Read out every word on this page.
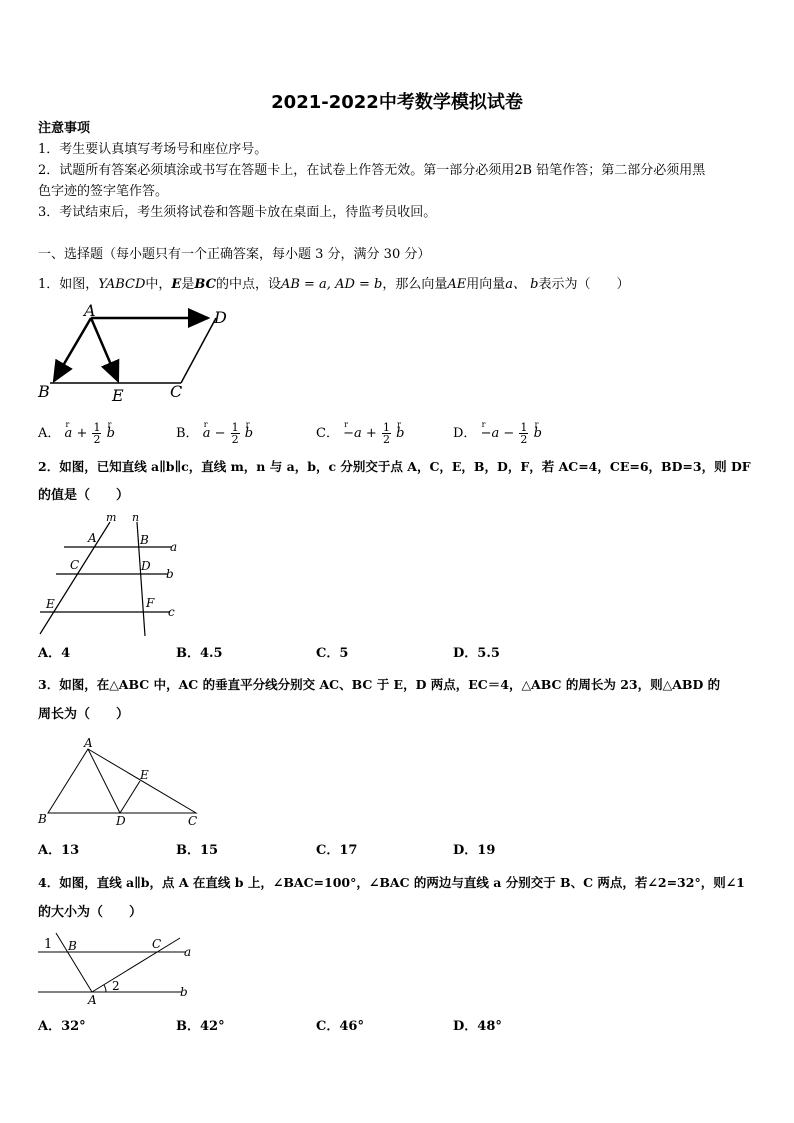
2021-2022中考数学模拟试卷
注意事项
1．考生要认真填写考场号和座位序号。
2．试题所有答案必须填涂或书写在答题卡上，在试卷上作答无效。第一部分必须用2B 铅笔作答；第二部分必须用黑
色字迹的签字笔作答。
3．考试结束后，考生须将试卷和答题卡放在桌面上，待监考员收回。
一、选择题（每小题只有一个正确答案，每小题 3 分，满分 30 分）
1．如图，YABCD中，E是BC的中点，设AB = a, AD = b，那么向量AE用向量a、 b表示为（　　）
A	D
B	E	C
A． r $a + \frac{1}{2}$ r b	B． r $a - \frac{1}{2}$ r b	C． $r -a + \frac{1}{2}$ r b	D． $r -a - \frac{1}{2}$ r b
2．如图，已知直线 a∥b∥c，直线 m，n 与 a，b，c 分别交于点 A，C，E，B，D，F，若 AC=4，CE=6，BD=3，则 DF
的值是（　　）
m n
A	B a
C	D
b
E	F
c
A．4	B．4.5	C．5	D．5.5
3．如图，在△ABC 中，AC 的垂直平分线分别交 AC、BC 于 E，D 两点，EC＝4，△ABC 的周长为 23，则△ABD 的
周长为（　　）
A
E
B	D	C
A．13	B．15	C．17	D．19
4．如图，直线 a∥b，点 A 在直线 b 上，∠BAC=100°，∠BAC 的两边与直线 a 分别交于 B、C 两点，若∠2=32°，则∠1
的大小为（　　）
1 B	C
a
2
A
b
A．32°	B．42°	C．46°	D．48°
